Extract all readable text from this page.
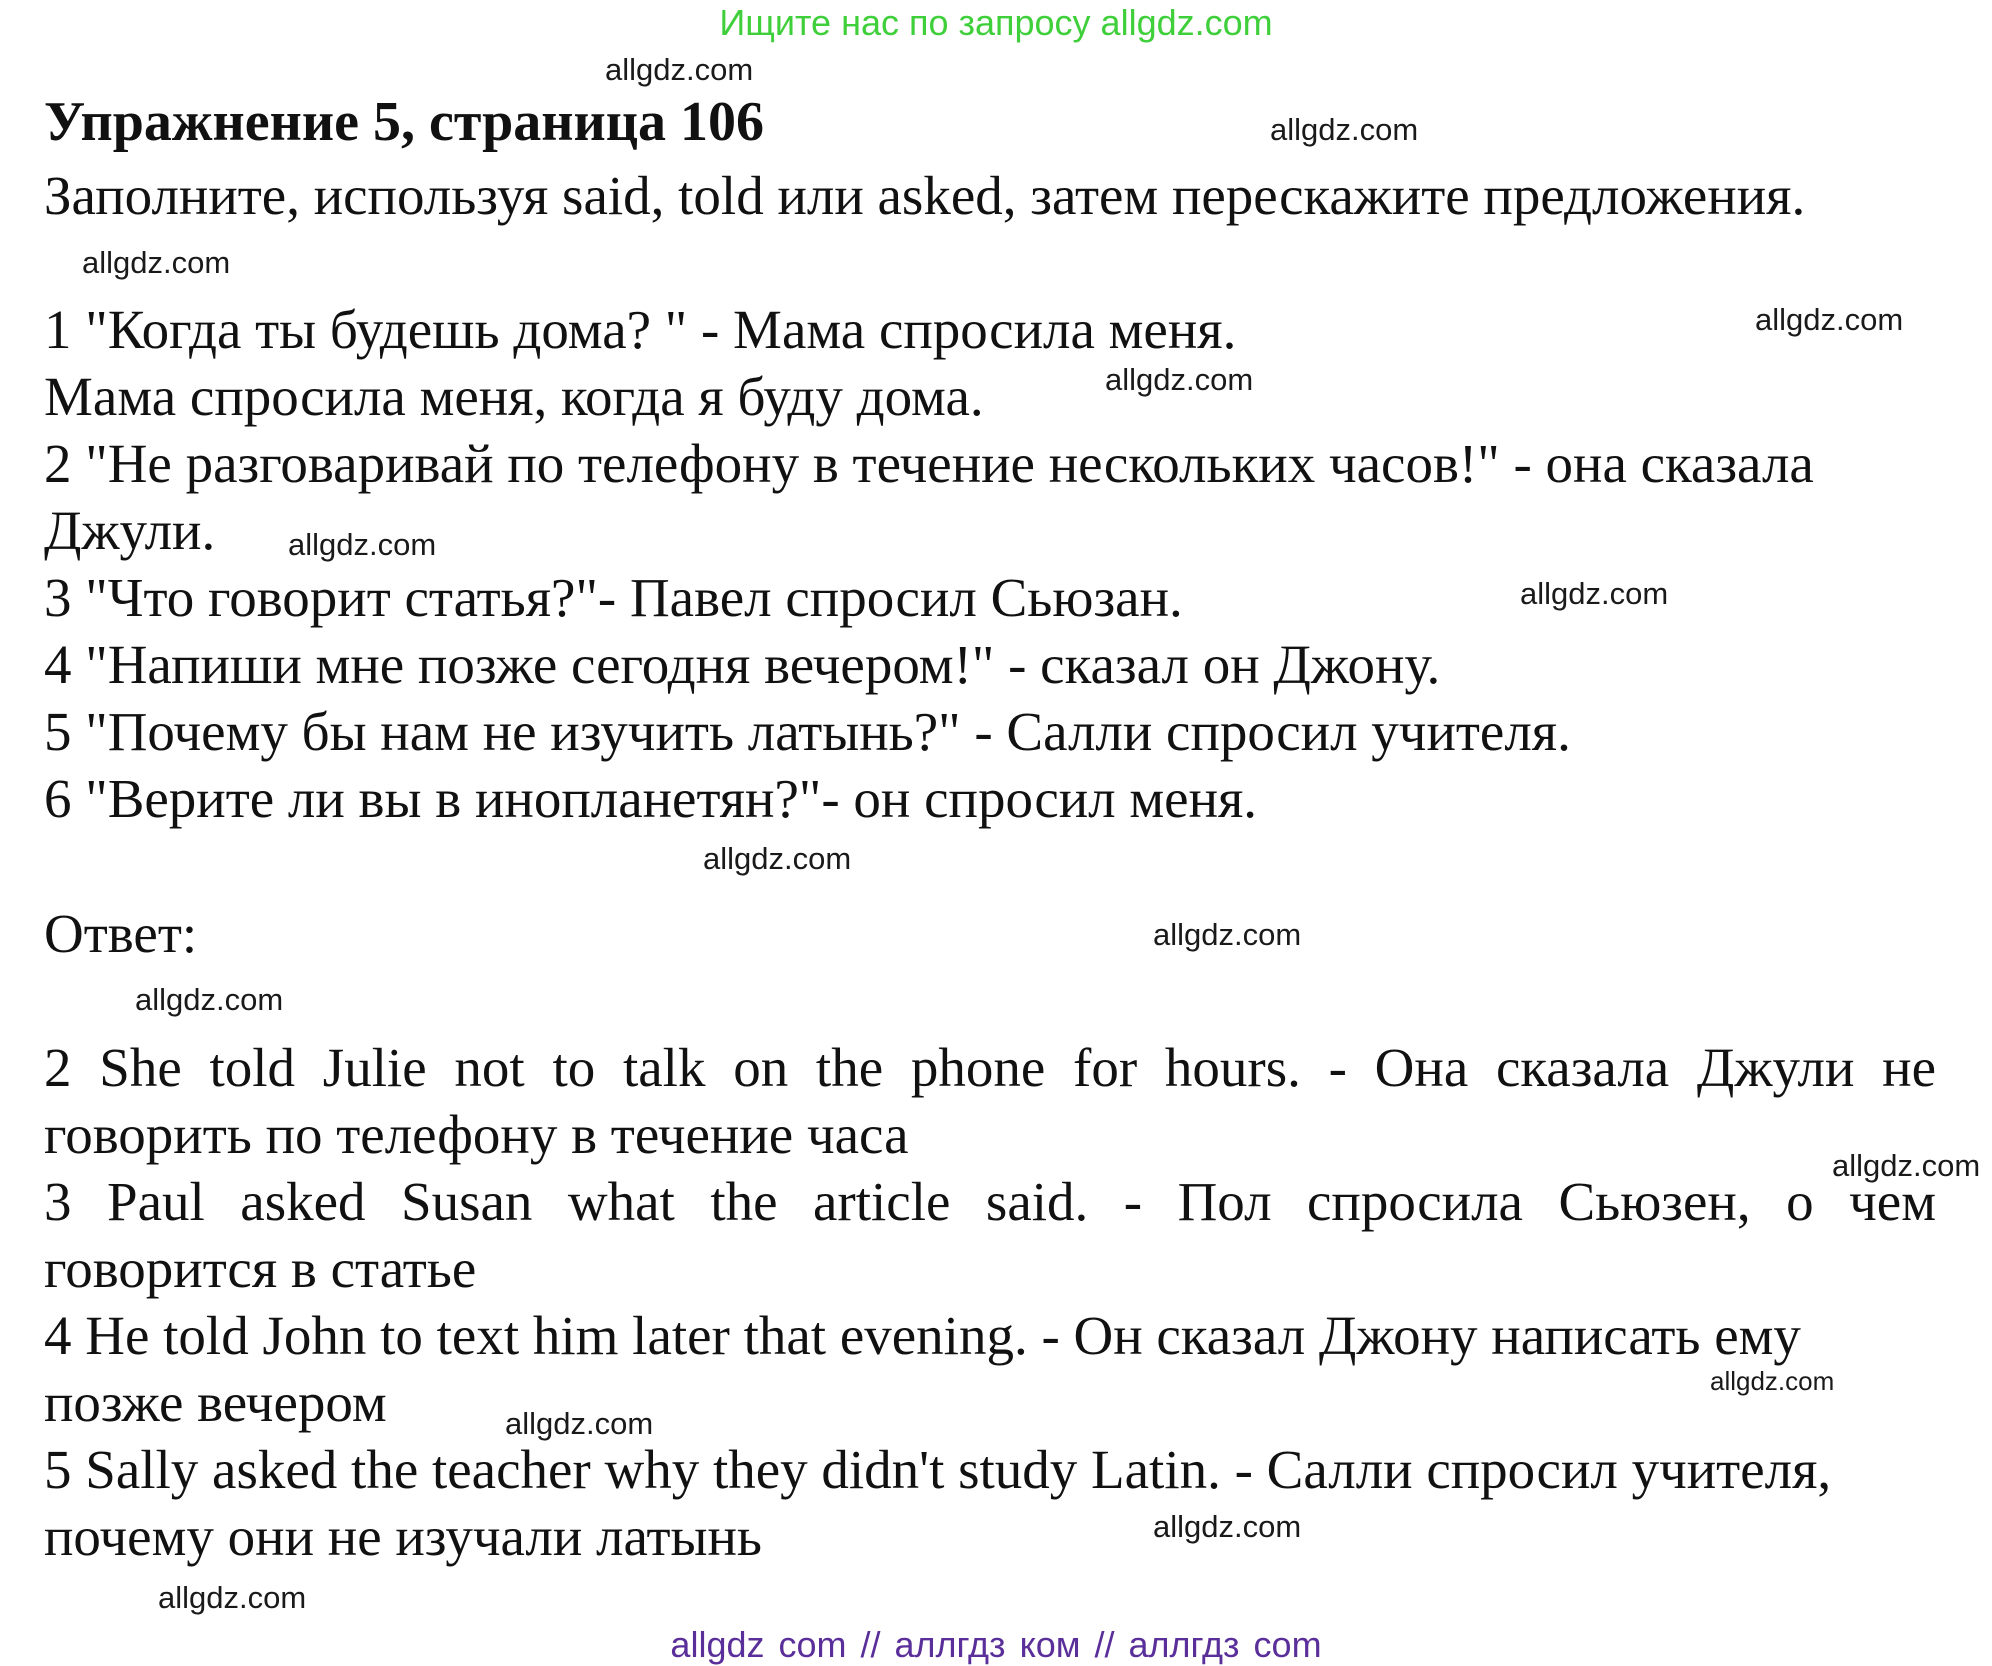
Ищите нас по запросу allgdz.com
Упражнение 5, страница 106
Заполните, используя said, told или asked, затем перескажите предложения.
1 "Когда ты будешь дома? " - Мама спросила меня.
Мама спросила меня, когда я буду дома.
2 "Не разговаривай по телефону в течение нескольких часов!" - она сказала
Джули.
3 "Что говорит статья?"- Павел спросил Сьюзан.
4 "Напиши мне позже сегодня вечером!" - сказал он Джону.
5 "Почему бы нам не изучить латынь?" - Салли спросил учителя.
6 "Верите ли вы в инопланетян?"- он спросил меня.
Ответ:
2 She told Julie not to talk on the phone for hours. - Она сказала Джули не
говорить по телефону в течение часа
3 Paul asked Susan what the article said. - Пол спросила Сьюзен, о чем
говорится в статье
4 He told John to text him later that evening. - Он сказал Джону написать ему
позже вечером
5 Sally asked the teacher why they didn't study Latin. - Салли спросил учителя,
почему они не изучали латынь
allgdz.com
allgdz.com
allgdz.com
allgdz.com
allgdz.com
allgdz.com
allgdz.com
allgdz.com
allgdz.com
allgdz.com
allgdz.com
allgdz.com
allgdz.com
allgdz.com
allgdz.com
allgdz com // аллгдз ком // аллгдз com
